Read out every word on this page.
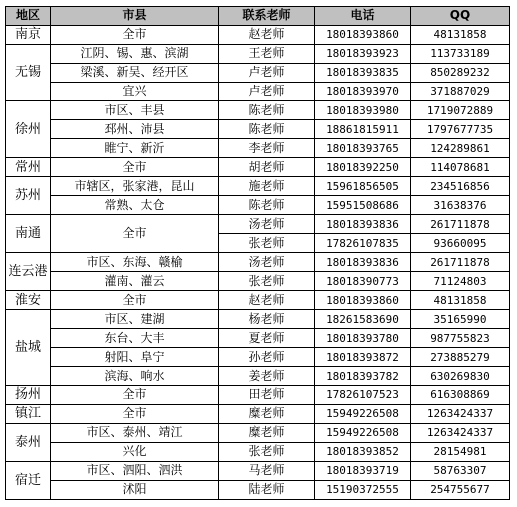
地区	市县	联系老师	电话	QQ
南京	全市	赵老师	18018393860	48131858
无锡	江阴、锡、惠、滨湖	王老师	18018393923	113733189
	梁溪、新吴、经开区	卢老师	18018393835	850289232
	宜兴	卢老师	18018393970	371887029
徐州	市区、丰县	陈老师	18018393980	1719072889
	邳州、沛县	陈老师	18861815911	1797677735
	睢宁、新沂	李老师	18018393765	124289861
常州	全市	胡老师	18018392250	114078681
苏州	市辖区，张家港，昆山	施老师	15961856505	234516856
	常熟、太仓	陈老师	15951508686	31638376
南通	全市	汤老师	18018393836	261711878
		张老师	17826107835	93660095
连云港	市区、东海、赣榆	汤老师	18018393836	261711878
	灌南、灌云	张老师	18018390773	71124803
淮安	全市	赵老师	18018393860	48131858
盐城	市区、建湖	杨老师	18261583690	35165990
	东台、大丰	夏老师	18018393780	987755823
	射阳、阜宁	孙老师	18018393872	273885279
	滨海、响水	姜老师	18018393782	630269830
扬州	全市	田老师	17826107523	616308869
镇江	全市	糜老师	15949226508	1263424337
泰州	市区、泰州、靖江	糜老师	15949226508	1263424337
	兴化	张老师	18018393852	28154981
宿迁	市区、泗阳、泗洪	马老师	18018393719	58763307
	沭阳	陆老师	15190372555	254755677
